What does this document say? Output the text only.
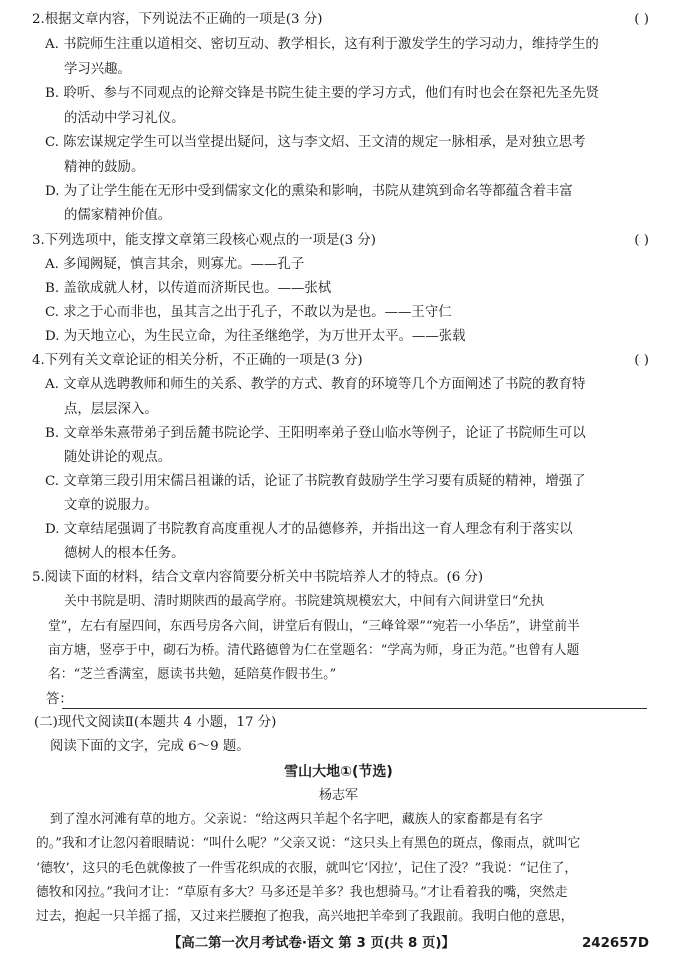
2.根据文章内容，下列说法不正确的一项是(3 分)	( )
A. 书院师生注重以道相交、密切互动、教学相长，这有利于激发学生的学习动力，维持学生的
学习兴趣。
B. 聆听、参与不同观点的论辩交锋是书院生徒主要的学习方式，他们有时也会在祭祀先圣先贤
的活动中学习礼仪。
C. 陈宏谋规定学生可以当堂提出疑问，这与李文炤、王文清的规定一脉相承，是对独立思考
精神的鼓励。
D. 为了让学生能在无形中受到儒家文化的熏染和影响，书院从建筑到命名等都蕴含着丰富
的儒家精神价值。
3.下列选项中，能支撑文章第三段核心观点的一项是(3 分)	( )
A. 多闻阙疑，慎言其余，则寡尤。——孔子
B. 盖欲成就人材，以传道而济斯民也。——张栻
C. 求之于心而非也，虽其言之出于孔子，不敢以为是也。——王守仁
D. 为天地立心，为生民立命，为往圣继绝学，为万世开太平。——张载
4.下列有关文章论证的相关分析，不正确的一项是(3 分)	( )
A. 文章从选聘教师和师生的关系、教学的方式、教育的环境等几个方面阐述了书院的教育特
点，层层深入。
B. 文章举朱熹带弟子到岳麓书院论学、王阳明率弟子登山临水等例子，论证了书院师生可以
随处讲论的观点。
C. 文章第三段引用宋儒吕祖谦的话，论证了书院教育鼓励学生学习要有质疑的精神，增强了
文章的说服力。
D. 文章结尾强调了书院教育高度重视人才的品德修养，并指出这一育人理念有利于落实以
德树人的根本任务。
5.阅读下面的材料，结合文章内容简要分析关中书院培养人才的特点。(6 分)
关中书院是明、清时期陕西的最高学府。书院建筑规模宏大，中间有六间讲堂曰“允执
堂”，左右有屋四间，东西号房各六间，讲堂后有假山，“三峰耸翠”“宛若一小华岳”，讲堂前半
亩方塘，竖亭于中，砌石为桥。清代路德曾为仁在堂题名：“学高为师，身正为范。”也曾有人题
名：“芝兰香满室，愿读书共勉，延陪莫作假书生。”
答：
(二)现代文阅读Ⅱ(本题共 4 小题，17 分)
阅读下面的文字，完成 6～9 题。
雪山大地①(节选)
杨志军
到了湟水河滩有草的地方。父亲说：“给这两只羊起个名字吧，藏族人的家畜都是有名字
的。”我和才让忽闪着眼睛说：“叫什么呢？”父亲又说：“这只头上有黑色的斑点，像雨点，就叫它
‘德牧’，这只的毛色就像披了一件雪花织成的衣服，就叫它‘冈拉’，记住了没？”我说：“记住了，
德牧和冈拉。”我问才让：“草原有多大？马多还是羊多？我也想骑马。”才让看着我的嘴，突然走
过去，抱起一只羊摇了摇，又过来拦腰抱了抱我，高兴地把羊牵到了我跟前。我明白他的意思，
【高二第一次月考试卷·语文 第 3 页(共 8 页)】	242657D
